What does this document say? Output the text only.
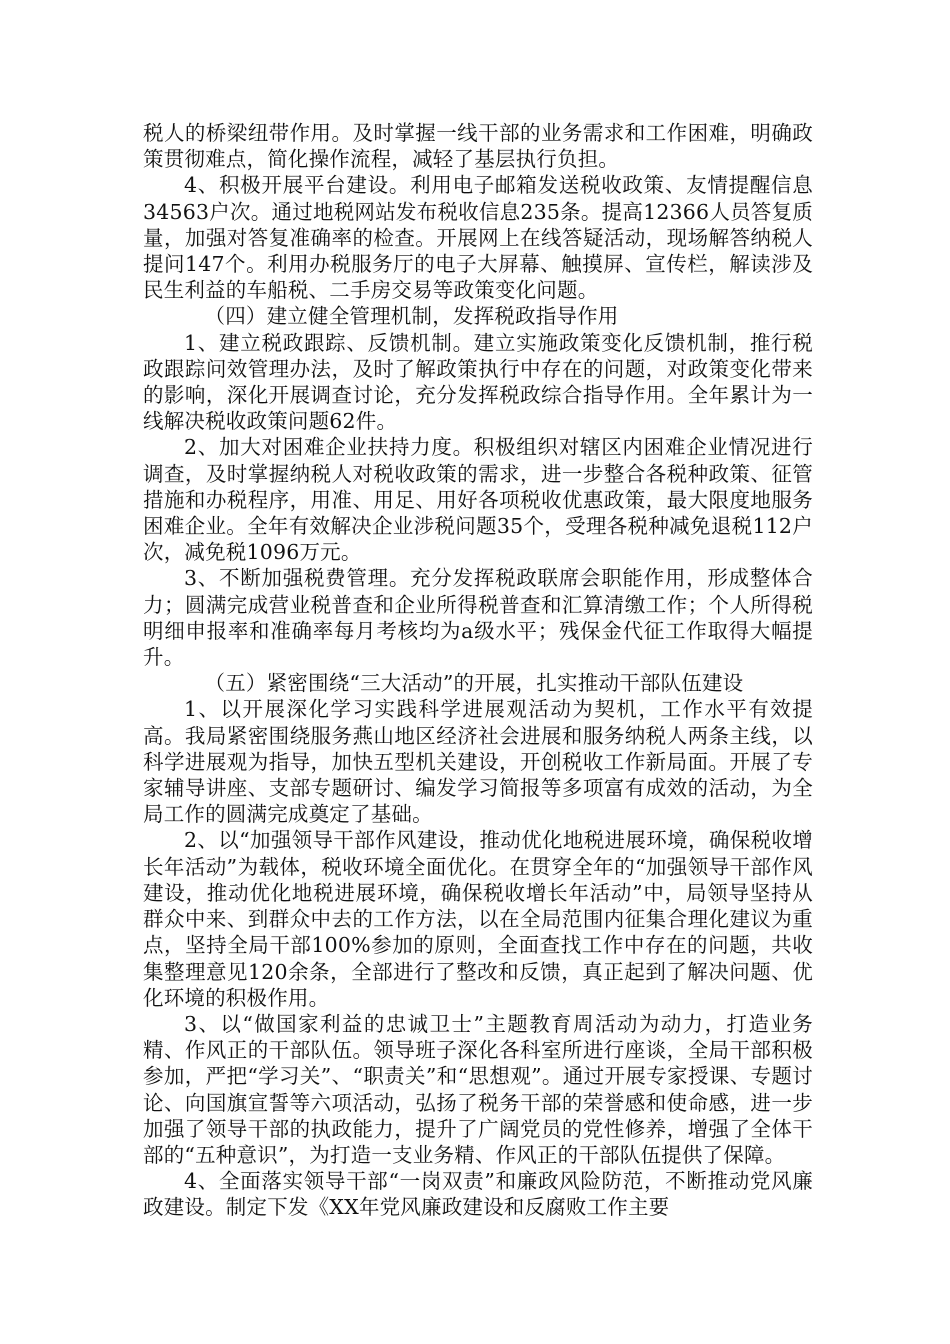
税人的桥梁纽带作用。及时掌握一线干部的业务需求和工作困难，明确政策贯彻难点，简化操作流程，减轻了基层执行负担。

4、积极开展平台建设。利用电子邮箱发送税收政策、友情提醒信息34563户次。通过地税网站发布税收信息235条。提高12366人员答复质量，加强对答复准确率的检查。开展网上在线答疑活动，现场解答纳税人提问147个。利用办税服务厅的电子大屏幕、触摸屏、宣传栏，解读涉及民生利益的车船税、二手房交易等政策变化问题。

（四）建立健全管理机制，发挥税政指导作用

1、建立税政跟踪、反馈机制。建立实施政策变化反馈机制，推行税政跟踪问效管理办法，及时了解政策执行中存在的问题，对政策变化带来的影响，深化开展调查讨论，充分发挥税政综合指导作用。全年累计为一线解决税收政策问题62件。

2、加大对困难企业扶持力度。积极组织对辖区内困难企业情况进行调查，及时掌握纳税人对税收政策的需求，进一步整合各税种政策、征管措施和办税程序，用准、用足、用好各项税收优惠政策，最大限度地服务困难企业。全年有效解决企业涉税问题35个，受理各税种减免退税112户次，减免税1096万元。

3、不断加强税费管理。充分发挥税政联席会职能作用，形成整体合力；圆满完成营业税普查和企业所得税普查和汇算清缴工作；个人所得税明细申报率和准确率每月考核均为a级水平；残保金代征工作取得大幅提升。

（五）紧密围绕“三大活动”的开展，扎实推动干部队伍建设

1、以开展深化学习实践科学进展观活动为契机，工作水平有效提高。我局紧密围绕服务燕山地区经济社会进展和服务纳税人两条主线，以科学进展观为指导，加快五型机关建设，开创税收工作新局面。开展了专家辅导讲座、支部专题研讨、编发学习简报等多项富有成效的活动，为全局工作的圆满完成奠定了基础。

2、以“加强领导干部作风建设，推动优化地税进展环境，确保税收增长年活动”为载体，税收环境全面优化。在贯穿全年的“加强领导干部作风建设，推动优化地税进展环境，确保税收增长年活动”中，局领导坚持从群众中来、到群众中去的工作方法，以在全局范围内征集合理化建议为重点，坚持全局干部100%参加的原则，全面查找工作中存在的问题，共收集整理意见120余条，全部进行了整改和反馈，真正起到了解决问题、优化环境的积极作用。

3、以“做国家利益的忠诚卫士”主题教育周活动为动力，打造业务精、作风正的干部队伍。领导班子深化各科室所进行座谈，全局干部积极参加，严把“学习关”、“职责关”和“思想观”。通过开展专家授课、专题讨论、向国旗宣誓等六项活动，弘扬了税务干部的荣誉感和使命感，进一步加强了领导干部的执政能力，提升了广阔党员的党性修养，增强了全体干部的“五种意识”，为打造一支业务精、作风正的干部队伍提供了保障。

4、全面落实领导干部“一岗双责”和廉政风险防范，不断推动党风廉政建设。制定下发《XX年党风廉政建设和反腐败工作主要
